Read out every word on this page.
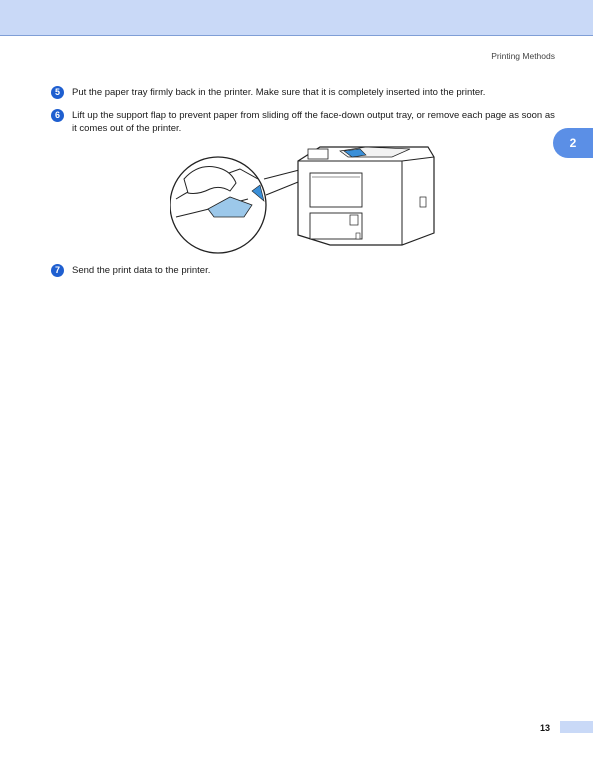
Printing Methods
2
5	Put the paper tray firmly back in the printer. Make sure that it is completely inserted into the printer.
6	Lift up the support flap to prevent paper from sliding off the face-down output tray, or remove each page as soon as it comes out of the printer.
7	Send the print data to the printer.
13
